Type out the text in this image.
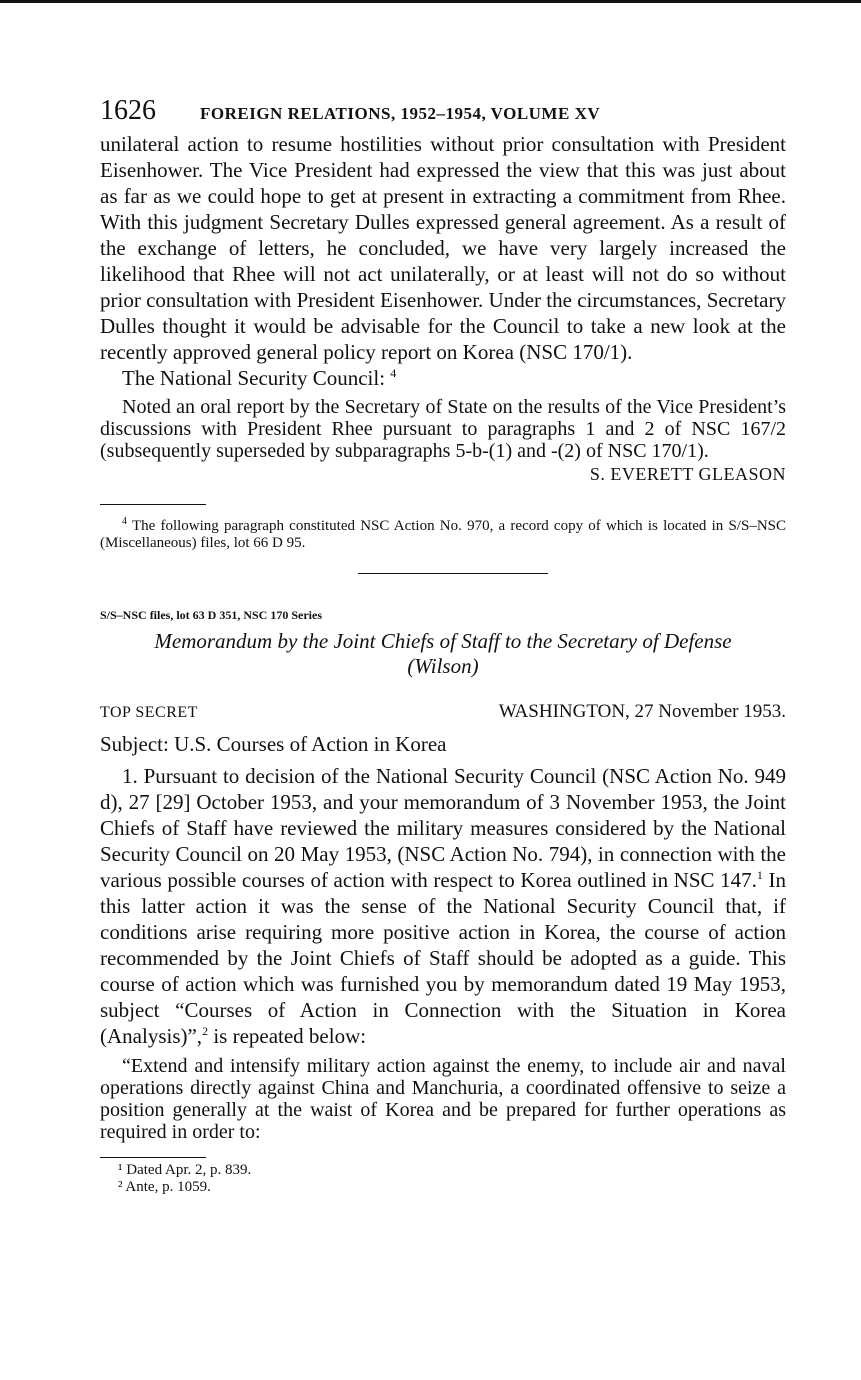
1626	FOREIGN RELATIONS, 1952–1954, VOLUME XV

unilateral action to resume hostilities without prior consultation with President Eisenhower. The Vice President had expressed the view that this was just about as far as we could hope to get at present in extracting a commitment from Rhee. With this judgment Secretary Dulles expressed general agreement. As a result of the exchange of letters, he concluded, we have very largely increased the likelihood that Rhee will not act unilaterally, or at least will not do so without prior consultation with President Eisenhower. Under the circumstances, Secretary Dulles thought it would be advisable for the Council to take a new look at the recently approved general policy report on Korea (NSC 170/1).

The National Security Council: $^4$

Noted an oral report by the Secretary of State on the results of the Vice President’s discussions with President Rhee pursuant to paragraphs 1 and 2 of NSC 167/2 (subsequently superseded by subparagraphs 5-b-(1) and -(2) of NSC 170/1).

S. EVERETT GLEASON

$^4$ The following paragraph constituted NSC Action No. 970, a record copy of which is located in S/S–NSC (Miscellaneous) files, lot 66 D 95.

S/S–NSC files, lot 63 D 351, NSC 170 Series
Memorandum by the Joint Chiefs of Staff to the Secretary of Defense
(Wilson)
TOP SECRET	WASHINGTON, 27 November 1953.

Subject: U.S. Courses of Action in Korea

1. Pursuant to decision of the National Security Council (NSC Action No. 949 d), 27 [29] October 1953, and your memorandum of 3 November 1953, the Joint Chiefs of Staff have reviewed the military measures considered by the National Security Council on 20 May 1953, (NSC Action No. 794), in connection with the various possible courses of action with respect to Korea outlined in NSC 147.$^1$ In this latter action it was the sense of the National Security Council that, if conditions arise requiring more positive action in Korea, the course of action recommended by the Joint Chiefs of Staff should be adopted as a guide. This course of action which was furnished you by memorandum dated 19 May 1953, subject “Courses of Action in Connection with the Situation in Korea (Analysis)”,$^2$ is repeated below:

“Extend and intensify military action against the enemy, to include air and naval operations directly against China and Manchuria, a coordinated offensive to seize a position generally at the waist of Korea and be prepared for further operations as required in order to:

¹ Dated Apr. 2, p. 839.
² Ante, p. 1059.
